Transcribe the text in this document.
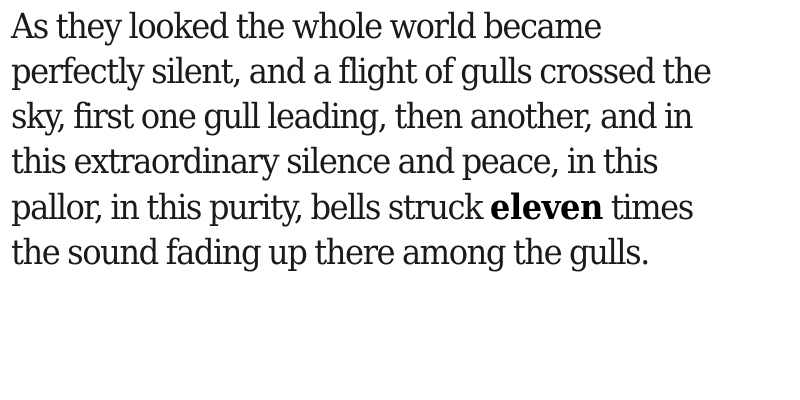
As they looked the whole world became
perfectly silent, and a flight of gulls crossed the
sky, first one gull leading, then another, and in
this extraordinary silence and peace, in this
pallor, in this purity, bells struck eleven times
the sound fading up there among the gulls.
